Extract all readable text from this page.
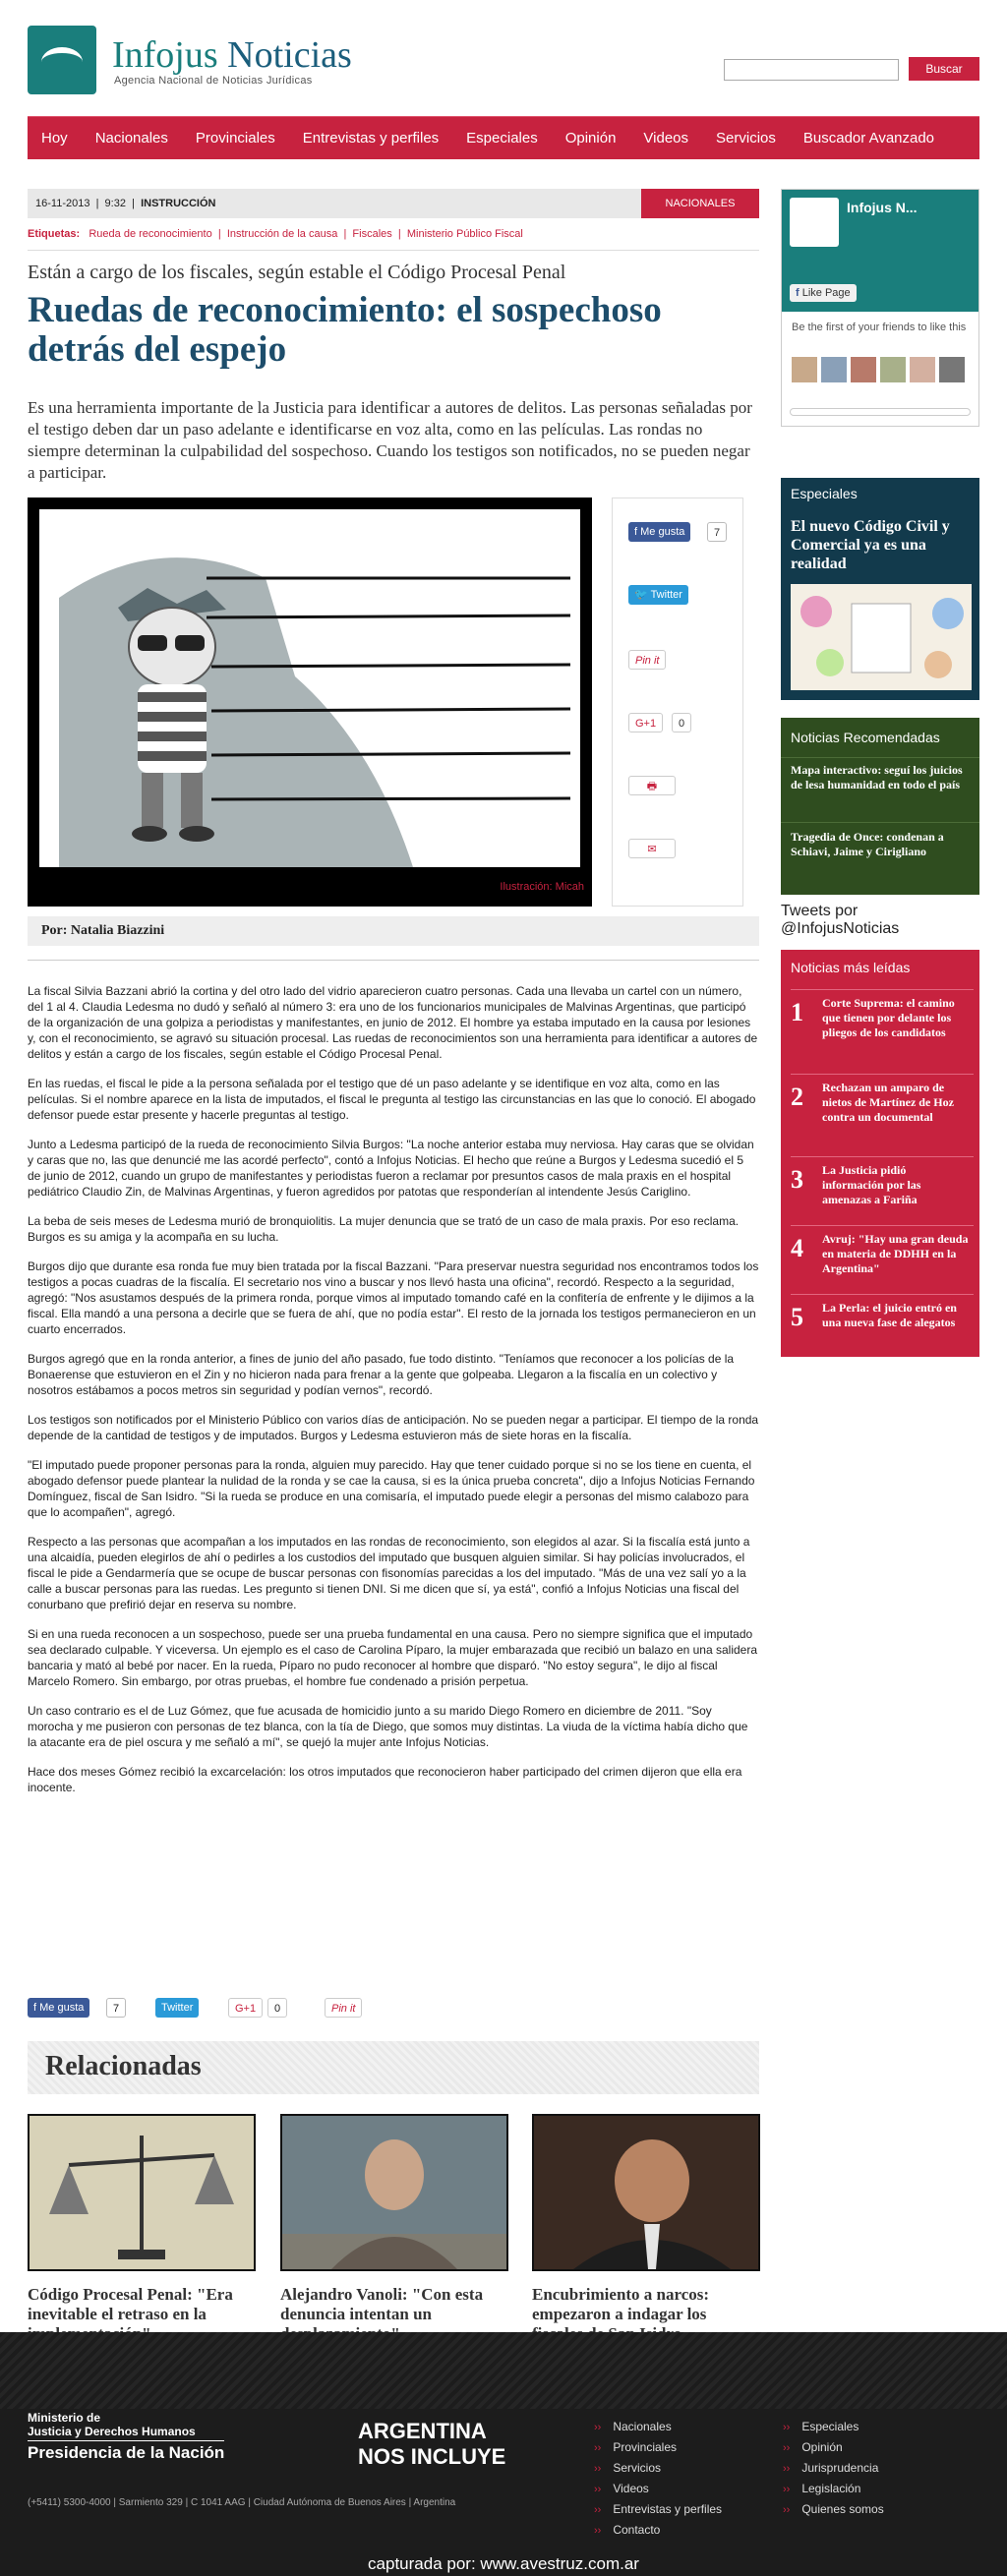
Infojus Noticias
Agencia Nacional de Noticias Jurídicas
Buscar
Hoy Nacionales Provinciales Entrevistas y perfiles Especiales Opinión Videos Servicios Buscador Avanzado
16-11-2013  |  9:32  |  INSTRUCCIÓN	NACIONALES
Etiquetas: Rueda de reconocimiento  |  Instrucción de la causa  |  Fiscales  |  Ministerio Público Fiscal
Están a cargo de los fiscales, según estable el Código Procesal Penal
Ruedas de reconocimiento: el sospechoso detrás del espejo
Es una herramienta importante de la Justicia para identificar a autores de delitos. Las personas señaladas por el testigo deben dar un paso adelante e identificarse en voz alta, como en las películas. Las rondas no siempre determinan la culpabilidad del sospechoso. Cuando los testigos son notificados, no se pueden negar a participar.
Ilustración: Micah
f Me gusta	7
🐦 Twitter
Pin it
G+1	0
🖶
✉
Por: Natalia Biazzini

La fiscal Silvia Bazzani abrió la cortina y del otro lado del vidrio aparecieron cuatro personas. Cada una llevaba un cartel con un número, del 1 al 4. Claudia Ledesma no dudó y señaló al número 3: era uno de los funcionarios municipales de Malvinas Argentinas, que participó de la organización de una golpiza a periodistas y manifestantes, en junio de 2012. El hombre ya estaba imputado en la causa por lesiones y, con el reconocimiento, se agravó su situación procesal. Las ruedas de reconocimientos son una herramienta para identificar a autores de delitos y están a cargo de los fiscales, según estable el Código Procesal Penal.

En las ruedas, el fiscal le pide a la persona señalada por el testigo que dé un paso adelante y se identifique en voz alta, como en las películas. Si el nombre aparece en la lista de imputados, el fiscal le pregunta al testigo las circunstancias en las que lo conoció. El abogado defensor puede estar presente y hacerle preguntas al testigo.

Junto a Ledesma participó de la rueda de reconocimiento Silvia Burgos: "La noche anterior estaba muy nerviosa. Hay caras que se olvidan y caras que no, las que denuncié me las acordé perfecto", contó a Infojus Noticias. El hecho que reúne a Burgos y Ledesma sucedió el 5 de junio de 2012, cuando un grupo de manifestantes y periodistas fueron a reclamar por presuntos casos de mala praxis en el hospital pediátrico Claudio Zin, de Malvinas Argentinas, y fueron agredidos por patotas que responderían al intendente Jesús Cariglino.

La beba de seis meses de Ledesma murió de bronquiolitis. La mujer denuncia que se trató de un caso de mala praxis. Por eso reclama. Burgos es su amiga y la acompaña en su lucha.

Burgos dijo que durante esa ronda fue muy bien tratada por la fiscal Bazzani. "Para preservar nuestra seguridad nos encontramos todos los testigos a pocas cuadras de la fiscalía. El secretario nos vino a buscar y nos llevó hasta una oficina", recordó. Respecto a la seguridad, agregó: "Nos asustamos después de la primera ronda, porque vimos al imputado tomando café en la confitería de enfrente y le dijimos a la fiscal. Ella mandó a una persona a decirle que se fuera de ahí, que no podía estar". El resto de la jornada los testigos permanecieron en un cuarto encerrados.

Burgos agregó que en la ronda anterior, a fines de junio del año pasado, fue todo distinto. "Teníamos que reconocer a los policías de la Bonaerense que estuvieron en el Zin y no hicieron nada para frenar a la gente que golpeaba. Llegaron a la fiscalía en un colectivo y nosotros estábamos a pocos metros sin seguridad y podían vernos", recordó.

Los testigos son notificados por el Ministerio Público con varios días de anticipación. No se pueden negar a participar. El tiempo de la ronda depende de la cantidad de testigos y de imputados. Burgos y Ledesma estuvieron más de siete horas en la fiscalía.

"El imputado puede proponer personas para la ronda, alguien muy parecido. Hay que tener cuidado porque si no se los tiene en cuenta, el abogado defensor puede plantear la nulidad de la ronda y se cae la causa, si es la única prueba concreta", dijo a Infojus Noticias Fernando Domínguez, fiscal de San Isidro. "Si la rueda se produce en una comisaría, el imputado puede elegir a personas del mismo calabozo para que lo acompañen", agregó.

Respecto a las personas que acompañan a los imputados en las rondas de reconocimiento, son elegidos al azar. Si la fiscalía está junto a una alcaidía, pueden elegirlos de ahí o pedirles a los custodios del imputado que busquen alguien similar. Si hay policías involucrados, el fiscal le pide a Gendarmería que se ocupe de buscar personas con fisonomías parecidas a los del imputado. "Más de una vez salí yo a la calle a buscar personas para las ruedas. Les pregunto si tienen DNI. Si me dicen que sí, ya está", confió a Infojus Noticias una fiscal del conurbano que prefirió dejar en reserva su nombre.

Si en una rueda reconocen a un sospechoso, puede ser una prueba fundamental en una causa. Pero no siempre significa que el imputado sea declarado culpable. Y viceversa. Un ejemplo es el caso de Carolina Píparo, la mujer embarazada que recibió un balazo en una salidera bancaria y mató al bebé por nacer. En la rueda, Píparo no pudo reconocer al hombre que disparó. "No estoy segura", le dijo al fiscal Marcelo Romero. Sin embargo, por otras pruebas, el hombre fue condenado a prisión perpetua.

Un caso contrario es el de Luz Gómez, que fue acusada de homicidio junto a su marido Diego Romero en diciembre de 2011. "Soy morocha y me pusieron con personas de tez blanca, con la tía de Diego, que somos muy distintas. La viuda de la víctima había dicho que la atacante era de piel oscura y me señaló a mí", se quejó la mujer ante Infojus Noticias.

Hace dos meses Gómez recibió la excarcelación: los otros imputados que reconocieron haber participado del crimen dijeron que ella era inocente.

f Me gusta	7	Twitter	G+1	0	Pin it
Relacionadas
Código Procesal Penal: "Era inevitable el retraso en la
Alejandro Vanoli: "Con esta denuncia intentan un
Encubrimiento a narcos: empezaron a indagar los
Infojus N...
f Like Page
Be the first of your friends to like this
Especiales
El nuevo Código Civil y Comercial ya es una realidad
Noticias Recomendadas
Mapa interactivo: seguí los juicios de lesa humanidad en todo el país
Tragedia de Once: condenan a Schiavi, Jaime y Cirigliano
Tweets por @InfojusNoticias
Noticias más leídas
1 Corte Suprema: el camino que tienen por delante los pliegos de los candidatos
2 Rechazan un amparo de nietos de Martínez de Hoz contra un documental
3 La Justicia pidió información por las amenazas a Fariña
4 Avruj: "Hay una gran deuda en materia de DDHH en la Argentina"
5 La Perla: el juicio entró en una nueva fase de alegatos
Ministerio de
Justicia y Derechos Humanos
Presidencia de la Nación
ARGENTINA
NOS INCLUYE
(+5411) 5300-4000 | Sarmiento 329 | C 1041 AAG | Ciudad Autónoma de Buenos Aires | Argentina
›› Nacionales
›› Provinciales
›› Servicios
›› Videos
›› Entrevistas y perfiles
›› Contacto
›› Especiales
›› Opinión
›› Jurisprudencia
›› Legislación
›› Quienes somos
capturada por: www.avestruz.com.ar
